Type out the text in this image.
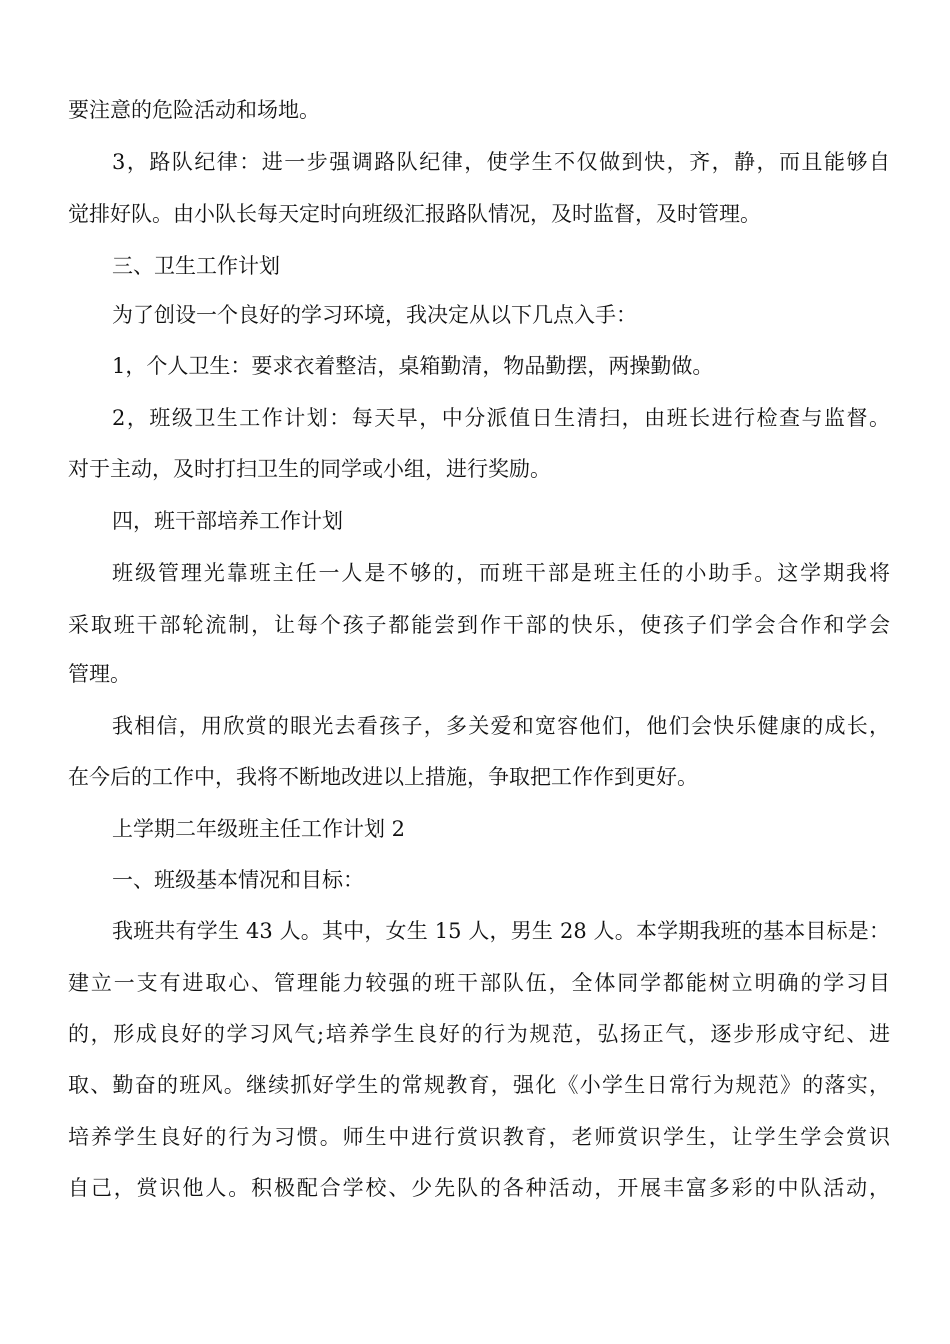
要注意的危险活动和场地。
3，路队纪律：进一步强调路队纪律，使学生不仅做到快，齐，静，而且能够自
觉排好队。由小队长每天定时向班级汇报路队情况，及时监督，及时管理。
三、卫生工作计划
为了创设一个良好的学习环境，我决定从以下几点入手：
1，个人卫生：要求衣着整洁，桌箱勤清，物品勤摆，两操勤做。
2，班级卫生工作计划：每天早，中分派值日生清扫，由班长进行检查与监督。
对于主动，及时打扫卫生的同学或小组，进行奖励。
四，班干部培养工作计划
班级管理光靠班主任一人是不够的，而班干部是班主任的小助手。这学期我将
采取班干部轮流制，让每个孩子都能尝到作干部的快乐，使孩子们学会合作和学会
管理。
我相信，用欣赏的眼光去看孩子，多关爱和宽容他们，他们会快乐健康的成长，
在今后的工作中，我将不断地改进以上措施，争取把工作作到更好。
上学期二年级班主任工作计划 2
一、班级基本情况和目标：
我班共有学生 43 人。其中，女生 15 人，男生 28 人。本学期我班的基本目标是：
建立一支有进取心、管理能力较强的班干部队伍，全体同学都能树立明确的学习目
的，形成良好的学习风气;培养学生良好的行为规范，弘扬正气，逐步形成守纪、进
取、勤奋的班风。继续抓好学生的常规教育，强化《小学生日常行为规范》的落实，
培养学生良好的行为习惯。师生中进行赏识教育，老师赏识学生，让学生学会赏识
自己，赏识他人。积极配合学校、少先队的各种活动，开展丰富多彩的中队活动，
